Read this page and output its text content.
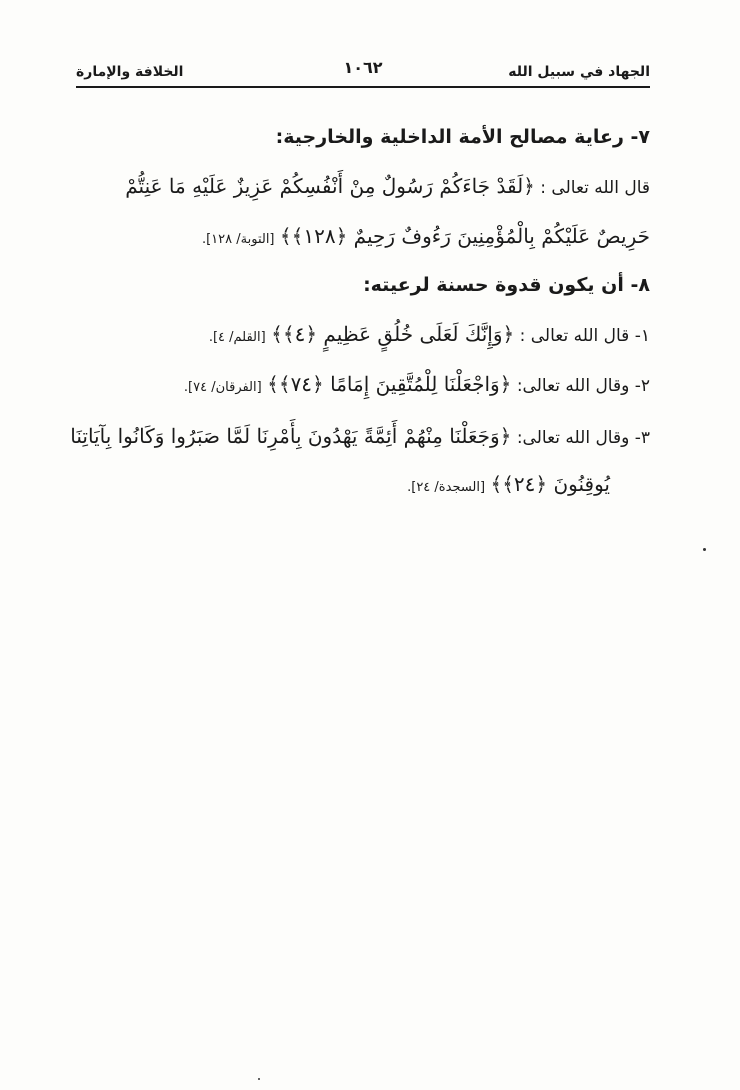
الجهاد في سبيل الله
١٠٦٢
الخلافة والإمارة
٧- رعاية مصالح الأمة الداخلية والخارجية:
قال الله تعالى : ﴿لَقَدْ جَاءَكُمْ رَسُولٌ مِنْ أَنْفُسِكُمْ عَزِيزٌ عَلَيْهِ مَا عَنِتُّمْ
حَرِيصٌ عَلَيْكُمْ بِالْمُؤْمِنِينَ رَءُوفٌ رَحِيمٌ ﴿١٢٨﴾﴾ [التوبة/ ١٢٨].
٨- أن يكون قدوة حسنة لرعيته:
١- قال الله تعالى : ﴿وَإِنَّكَ لَعَلَى خُلُقٍ عَظِيمٍ ﴿٤﴾﴾ [القلم/ ٤].
٢- وقال الله تعالى: ﴿وَاجْعَلْنَا لِلْمُتَّقِينَ إِمَامًا ﴿٧٤﴾﴾ [الفرقان/ ٧٤].
٣- وقال الله تعالى: ﴿وَجَعَلْنَا مِنْهُمْ أَئِمَّةً يَهْدُونَ بِأَمْرِنَا لَمَّا صَبَرُوا وَكَانُوا بِآيَاتِنَا
يُوقِنُونَ ﴿٢٤﴾﴾ [السجدة/ ٢٤].
